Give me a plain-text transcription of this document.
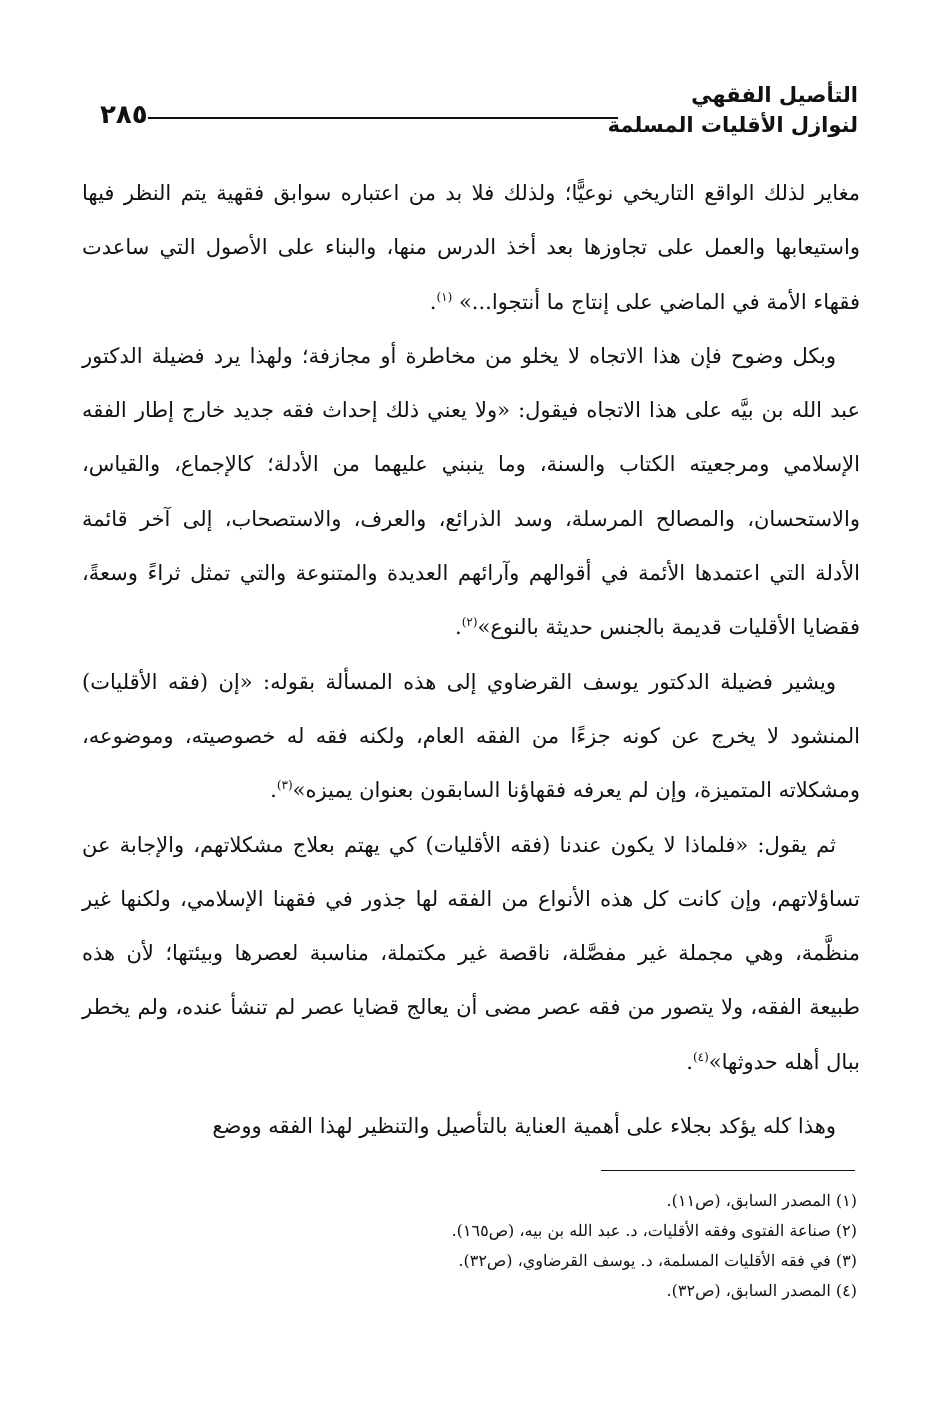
٢٨٥
التأصيل الفقهي
لنوازل الأقليات المسلمة

مغاير لذلك الواقع التاريخي نوعيًّا؛ ولذلك فلا بد من اعتباره سوابق فقهية يتم النظر فيها واستيعابها والعمل على تجاوزها بعد أخذ الدرس منها، والبناء على الأصول التي ساعدت فقهاء الأمة في الماضي على إنتاج ما أنتجوا...» $^{(١)}$.

وبكل وضوح فإن هذا الاتجاه لا يخلو من مخاطرة أو مجازفة؛ ولهذا يرد فضيلة الدكتور عبد الله بن بيَّه على هذا الاتجاه فيقول: «ولا يعني ذلك إحداث فقه جديد خارج إطار الفقه الإسلامي ومرجعيته الكتاب والسنة، وما ينبني عليهما من الأدلة؛ كالإجماع، والقياس، والاستحسان، والمصالح المرسلة، وسد الذرائع، والعرف، والاستصحاب، إلى آخر قائمة الأدلة التي اعتمدها الأئمة في أقوالهم وآرائهم العديدة والمتنوعة والتي تمثل ثراءً وسعةً، فقضايا الأقليات قديمة بالجنس حديثة بالنوع»$^{(٢)}$.

ويشير فضيلة الدكتور يوسف القرضاوي إلى هذه المسألة بقوله: «إن (فقه الأقليات) المنشود لا يخرج عن كونه جزءًا من الفقه العام، ولكنه فقه له خصوصيته، وموضوعه، ومشكلاته المتميزة، وإن لم يعرفه فقهاؤنا السابقون بعنوان يميزه»$^{(٣)}$.

ثم يقول: «فلماذا لا يكون عندنا (فقه الأقليات) كي يهتم بعلاج مشكلاتهم، والإجابة عن تساؤلاتهم، وإن كانت كل هذه الأنواع من الفقه لها جذور في فقهنا الإسلامي، ولكنها غير منظَّمة، وهي مجملة غير مفصَّلة، ناقصة غير مكتملة، مناسبة لعصرها وبيئتها؛ لأن هذه طبيعة الفقه، ولا يتصور من فقه عصر مضى أن يعالج قضايا عصر لم تنشأ عنده، ولم يخطر ببال أهله حدوثها»$^{(٤)}$.

وهذا كله يؤكد بجلاء على أهمية العناية بالتأصيل والتنظير لهذا الفقه ووضع

(١) المصدر السابق، (ص١١).
(٢) صناعة الفتوى وفقه الأقليات، د. عبد الله بن بيه، (ص١٦٥).
(٣) في فقه الأقليات المسلمة، د. يوسف القرضاوي، (ص٣٢).
(٤) المصدر السابق، (ص٣٢).
